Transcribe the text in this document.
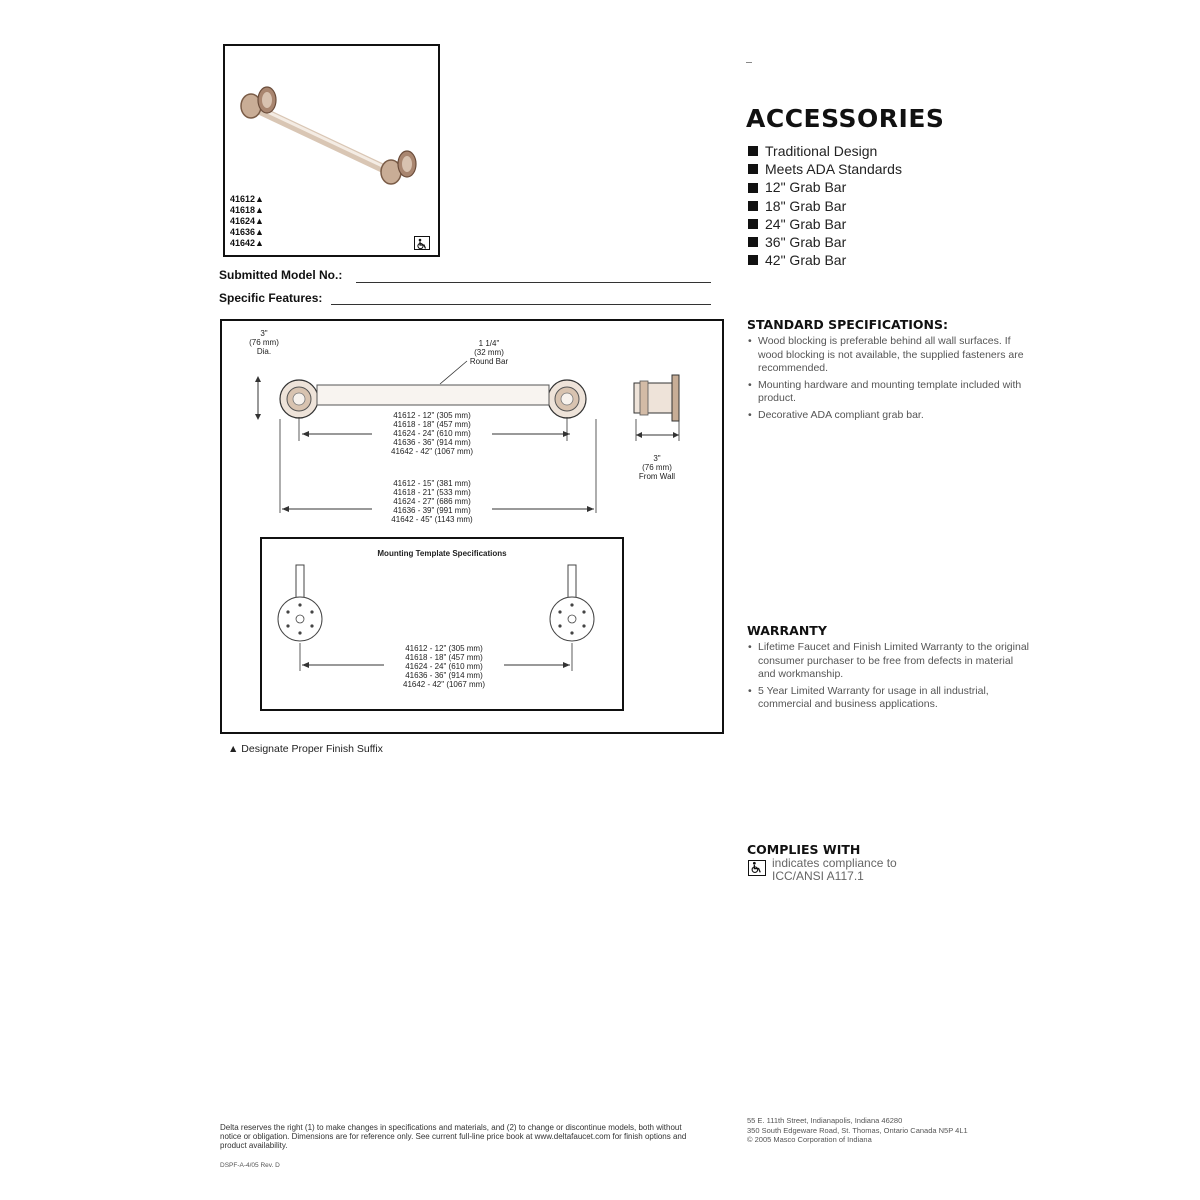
41612▲
41618▲
41624▲
41636▲
41642▲
Submitted Model No.:
Specific Features:
3"
(76 mm)
Dia.
1 1/4"
(32 mm)
Round Bar
41612 - 12" (305 mm)
41618 - 18" (457 mm)
41624 - 24" (610 mm)
41636 - 36" (914 mm)
41642 - 42" (1067 mm)
41612 - 15" (381 mm)
41618 - 21" (533 mm)
41624 - 27" (686 mm)
41636 - 39" (991 mm)
41642 - 45" (1143 mm)
3"
(76 mm)
From Wall
Mounting Template Specifications
41612 - 12" (305 mm)
41618 - 18" (457 mm)
41624 - 24" (610 mm)
41636 - 36" (914 mm)
41642 - 42" (1067 mm)
▲ Designate Proper Finish Suffix
ACCESSORIES
Traditional Design
Meets ADA Standards
12" Grab Bar
18" Grab Bar
24" Grab Bar
36" Grab Bar
42" Grab Bar
STANDARD SPECIFICATIONS:
• Wood blocking is preferable behind all wall surfaces. If wood blocking is not available, the supplied fasteners are recommended.
• Mounting hardware and mounting template included with product.
• Decorative ADA compliant grab bar.
WARRANTY
• Lifetime Faucet and Finish Limited Warranty to the original consumer purchaser to be free from defects in material and workmanship.
• 5 Year Limited Warranty for usage in all industrial, commercial and business applications.
COMPLIES WITH
indicates compliance to
ICC/ANSI A117.1
Delta reserves the right (1) to make changes in specifications and materials, and (2) to change or discontinue models, both without notice or obligation. Dimensions are for reference only. See current full-line price book at www.deltafaucet.com for finish options and product availability.
DSPF-A-4/05 Rev. D
55 E. 111th Street, Indianapolis, Indiana 46280
350 South Edgeware Road, St. Thomas, Ontario Canada N5P 4L1
© 2005 Masco Corporation of Indiana
